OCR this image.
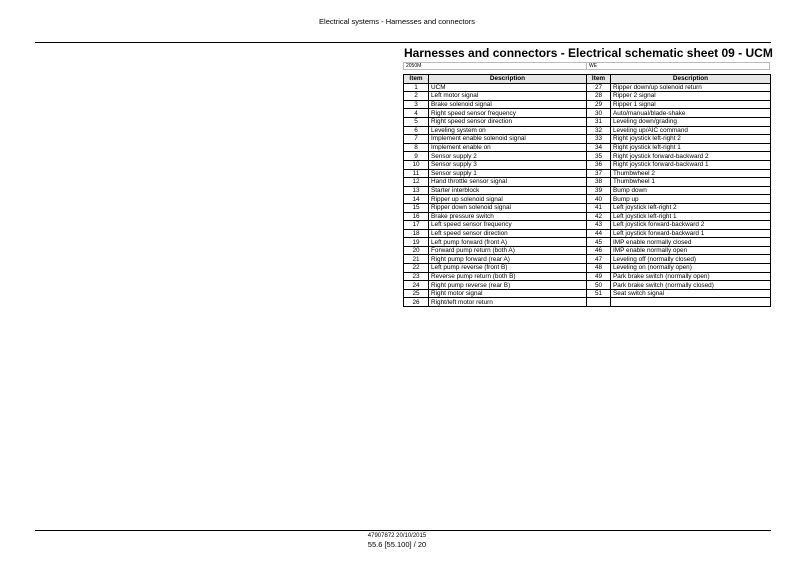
Electrical systems - Harnesses and connectors
Harnesses and connectors - Electrical schematic sheet 09 - UCM
2050M	WE
Item	Description	Item	Description
1	UCM	27	Ripper down/up solenoid return
2	Left motor signal	28	Ripper 2 signal
3	Brake solenoid signal	29	Ripper 1 signal
4	Right speed sensor frequency	30	Auto/manual/blade-shake
5	Right speed sensor direction	31	Leveling down/grading
6	Leveling system on	32	Leveling up/AIC command
7	Implement enable solenoid signal	33	Right joystick left-right 2
8	Implement enable on	34	Right joystick left-right 1
9	Sensor supply 2	35	Right joystick forward-backward 2
10	Sensor supply 3	36	Right joystick forward-backward 1
11	Sensor supply 1	37	Thumbwheel 2
12	Hand throttle sensor signal	38	Thumbwheel 1
13	Starter interblock	39	Bump down
14	Ripper up solenoid signal	40	Bump up
15	Ripper down solenoid signal	41	Left joystick left-right 2
16	Brake pressure switch	42	Left joystick left-right 1
17	Left speed sensor frequency	43	Left joystick forward-backward 2
18	Left speed sensor direction	44	Left joystick forward-backward 1
19	Left pump forward (front A)	45	IMP enable normally closed
20	Forward pump return (both A)	46	IMP enable normally open
21	Right pump forward (rear A)	47	Leveling off (normally closed)
22	Left pump reverse (front B)	48	Leveling on (normally open)
23	Reverse pump return (both B)	49	Park brake switch (normally open)
24	Right pump reverse (rear B)	50	Park brake switch (normally closed)
25	Right motor signal	51	Seat switch signal
26	Right/left motor return		
47907872 20/10/2015
55.6 [55.100] / 20
